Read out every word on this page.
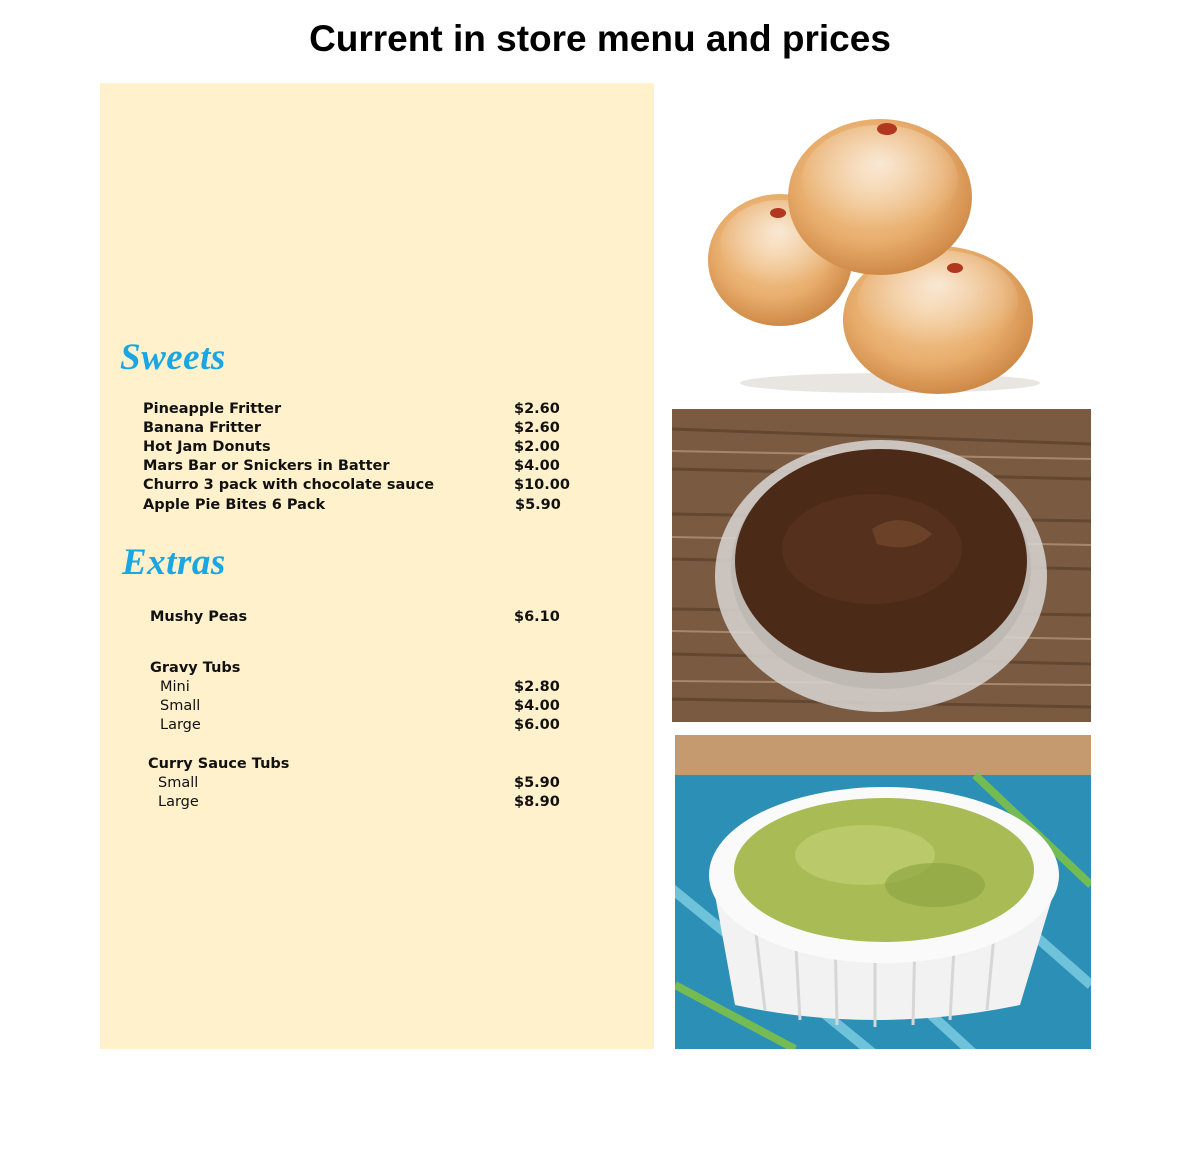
Current in store menu and prices
Sweets
Pineapple Fritter	$2.60
Banana Fritter	$2.60
Hot Jam Donuts	$2.00
Mars Bar or Snickers in Batter	$4.00
Churro 3 pack with chocolate sauce	$10.00
Apple Pie Bites 6 Pack	$5.90
Extras
Mushy Peas	$6.10
Gravy Tubs
Mini	$2.80
Small	$4.00
Large	$6.00
Curry Sauce Tubs
Small	$5.90
Large	$8.90
